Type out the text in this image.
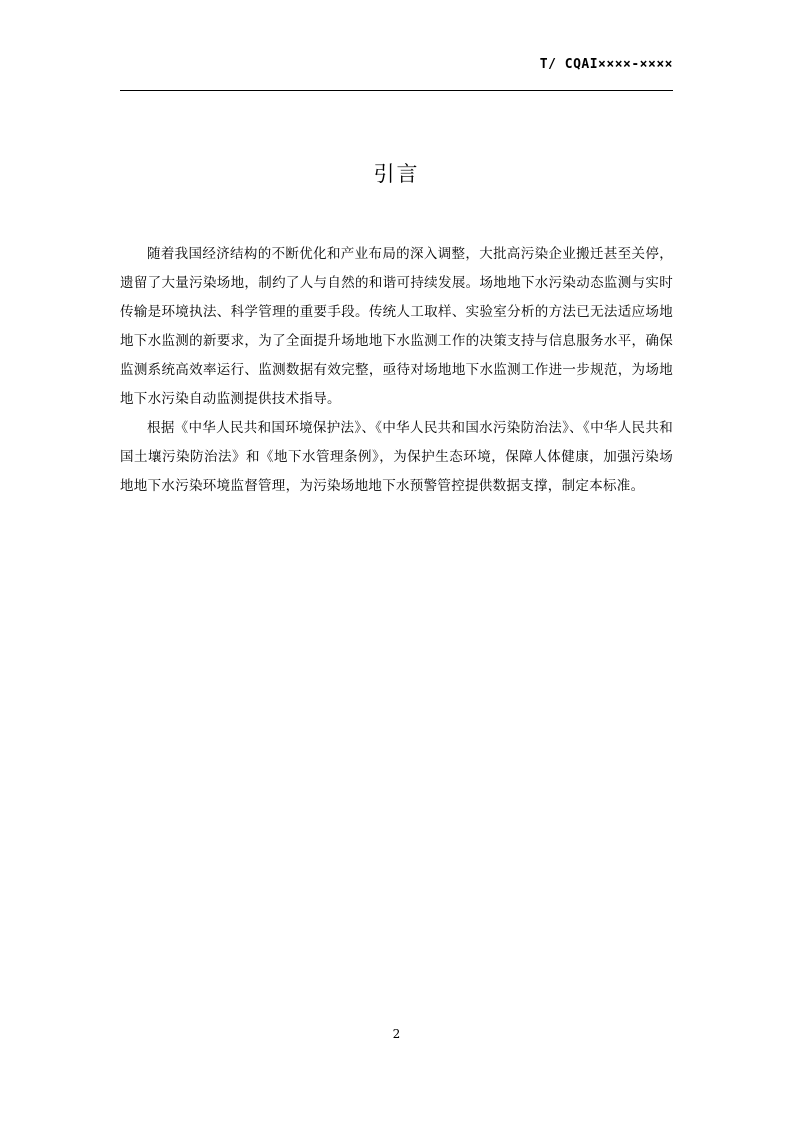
T/ CQAI××××-××××
引言

随着我国经济结构的不断优化和产业布局的深入调整，大批高污染企业搬迁甚至关停，遗留了大量污染场地，制约了人与自然的和谐可持续发展。场地地下水污染动态监测与实时传输是环境执法、科学管理的重要手段。传统人工取样、实验室分析的方法已无法适应场地地下水监测的新要求，为了全面提升场地地下水监测工作的决策支持与信息服务水平，确保监测系统高效率运行、监测数据有效完整，亟待对场地地下水监测工作进一步规范，为场地地下水污染自动监测提供技术指导。

根据《中华人民共和国环境保护法》、《中华人民共和国水污染防治法》、《中华人民共和国土壤污染防治法》和《地下水管理条例》，为保护生态环境，保障人体健康，加强污染场地地下水污染环境监督管理，为污染场地地下水预警管控提供数据支撑，制定本标准。

2
